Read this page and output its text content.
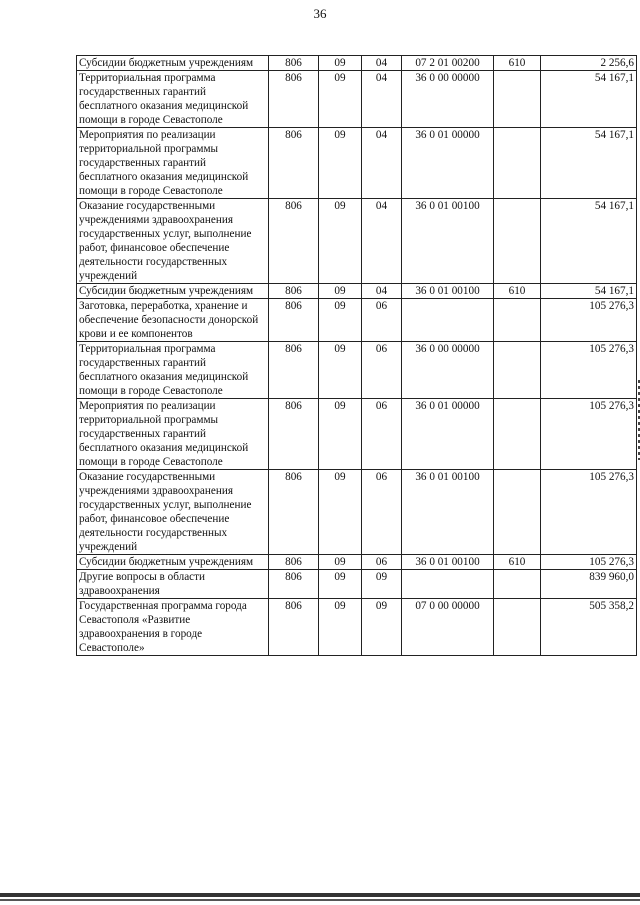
36
Субсидии бюджетным учреждениям	806	09	04	07 2 01 00200	610	2 256,6
Территориальная программа государственных гарантий бесплатного оказания медицинской помощи в городе Севастополе	806	09	04	36 0 00 00000		54 167,1
Мероприятия по реализации территориальной программы государственных гарантий бесплатного оказания медицинской помощи в городе Севастополе	806	09	04	36 0 01 00000		54 167,1
Оказание государственными учреждениями здравоохранения государственных услуг, выполнение работ, финансовое обеспечение деятельности государственных учреждений	806	09	04	36 0 01 00100		54 167,1
Субсидии бюджетным учреждениям	806	09	04	36 0 01 00100	610	54 167,1
Заготовка, переработка, хранение и обеспечение безопасности донорской крови и ее компонентов	806	09	06			105 276,3
Территориальная программа государственных гарантий бесплатного оказания медицинской помощи в городе Севастополе	806	09	06	36 0 00 00000		105 276,3
Мероприятия по реализации территориальной программы государственных гарантий бесплатного оказания медицинской помощи в городе Севастополе	806	09	06	36 0 01 00000		105 276,3
Оказание государственными учреждениями здравоохранения государственных услуг, выполнение работ, финансовое обеспечение деятельности государственных учреждений	806	09	06	36 0 01 00100		105 276,3
Субсидии бюджетным учреждениям	806	09	06	36 0 01 00100	610	105 276,3
Другие вопросы в области здравоохранения	806	09	09			839 960,0
Государственная программа города Севастополя «Развитие здравоохранения в городе Севастополе»	806	09	09	07 0 00 00000		505 358,2
